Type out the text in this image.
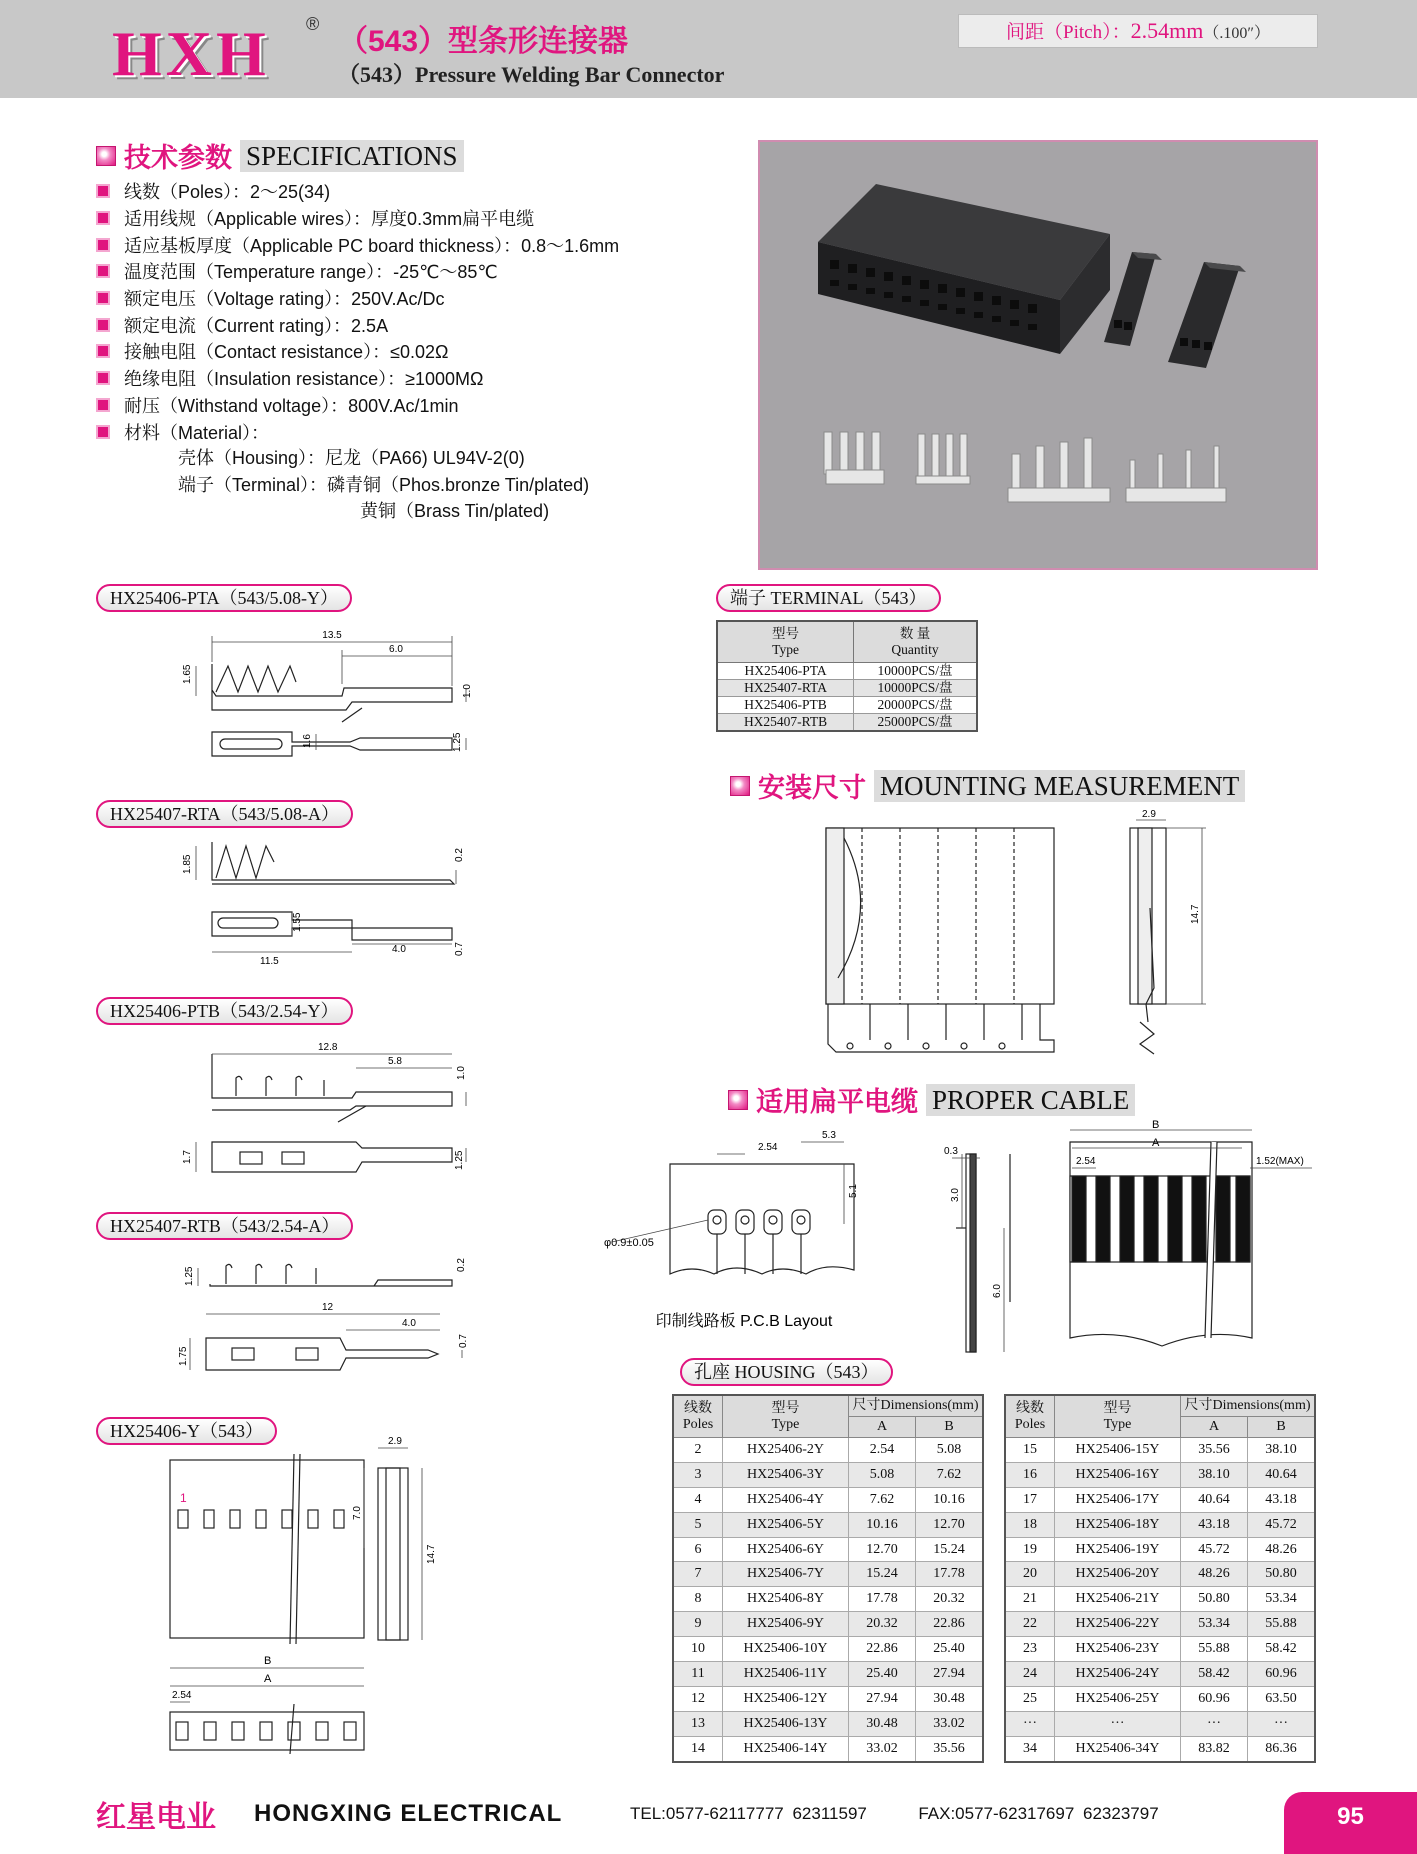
HXH ®
（543）型条形连接器
（543）Pressure Welding Bar Connector
间距（Pitch）：2.54mm（.100″）
技术参数 SPECIFICATIONS
线数（Poles）：2～25(34)
适用线规（Applicable wires）：厚度0.3mm扁平电缆
适应基板厚度（Applicable PC board thickness）：0.8～1.6mm
温度范围（Temperature range）：-25℃～85℃
额定电压（Voltage rating）：250V.Ac/Dc
额定电流（Current rating）：2.5A
接触电阻（Contact resistance）：≤0.02Ω
绝缘电阻（Insulation resistance）：≥1000MΩ
耐压（Withstand voltage）：800V.Ac/1min
材料（Material）：
壳体（Housing）：尼龙（PA66) UL94V-2(0)
端子（Terminal）：磷青铜（Phos.bronze Tin/plated)
黄铜（Brass Tin/plated)
HX25406-PTA（543/5.08-Y）
13.5
6.0
1.65
1.0
1.6	1.25
HX25407-RTA（543/5.08-A）
1.85	0.2
1.55
11.5
4.0	0.7
HX25406-PTB（543/2.54-Y）
12.8
5.8
1.0
1.7	1.25
HX25407-RTB（543/2.54-A）
1.25
0.2
12
4.0
0.7
1.75
HX25406-Y（543）
2.9
7.0
14.7
1
B
A
2.54
端子 TERMINAL（543）
型号
Type	数 量
Quantity
HX25406-PTA	10000PCS/盘
HX25407-RTA	10000PCS/盘
HX25406-PTB	20000PCS/盘
HX25407-RTB	25000PCS/盘
安装尺寸 MOUNTING MEASUREMENT
2.9
14.7
适用扁平电缆 PROPER CABLE
2.54
5.3
5.1
φ0.9±0.05
印制线路板 P.C.B Layout
0.3
3.0
6.0
B
A
2.54	1.52(MAX)
孔座 HOUSING（543）
线数
Poles	型号
Type	尺寸Dimensions(mm)	
		A	B
2	HX25406-2Y	2.54	5.08
3	HX25406-3Y	5.08	7.62
4	HX25406-4Y	7.62	10.16
5	HX25406-5Y	10.16	12.70
6	HX25406-6Y	12.70	15.24
7	HX25406-7Y	15.24	17.78
8	HX25406-8Y	17.78	20.32
9	HX25406-9Y	20.32	22.86
10	HX25406-10Y	22.86	25.40
11	HX25406-11Y	25.40	27.94
12	HX25406-12Y	27.94	30.48
13	HX25406-13Y	30.48	33.02
14	HX25406-14Y	33.02	35.56
线数
Poles	型号
Type	尺寸Dimensions(mm)	
		A	B
15	HX25406-15Y	35.56	38.10
16	HX25406-16Y	38.10	40.64
17	HX25406-17Y	40.64	43.18
18	HX25406-18Y	43.18	45.72
19	HX25406-19Y	45.72	48.26
20	HX25406-20Y	48.26	50.80
21	HX25406-21Y	50.80	53.34
22	HX25406-22Y	53.34	55.88
23	HX25406-23Y	55.88	58.42
24	HX25406-24Y	58.42	60.96
25	HX25406-25Y	60.96	63.50
···	···	···	···
34	HX25406-34Y	83.82	86.36
红星电业 HONGXING ELECTRICAL	TEL:0577-62117777 62311597	FAX:0577-62317697 62323797	95
